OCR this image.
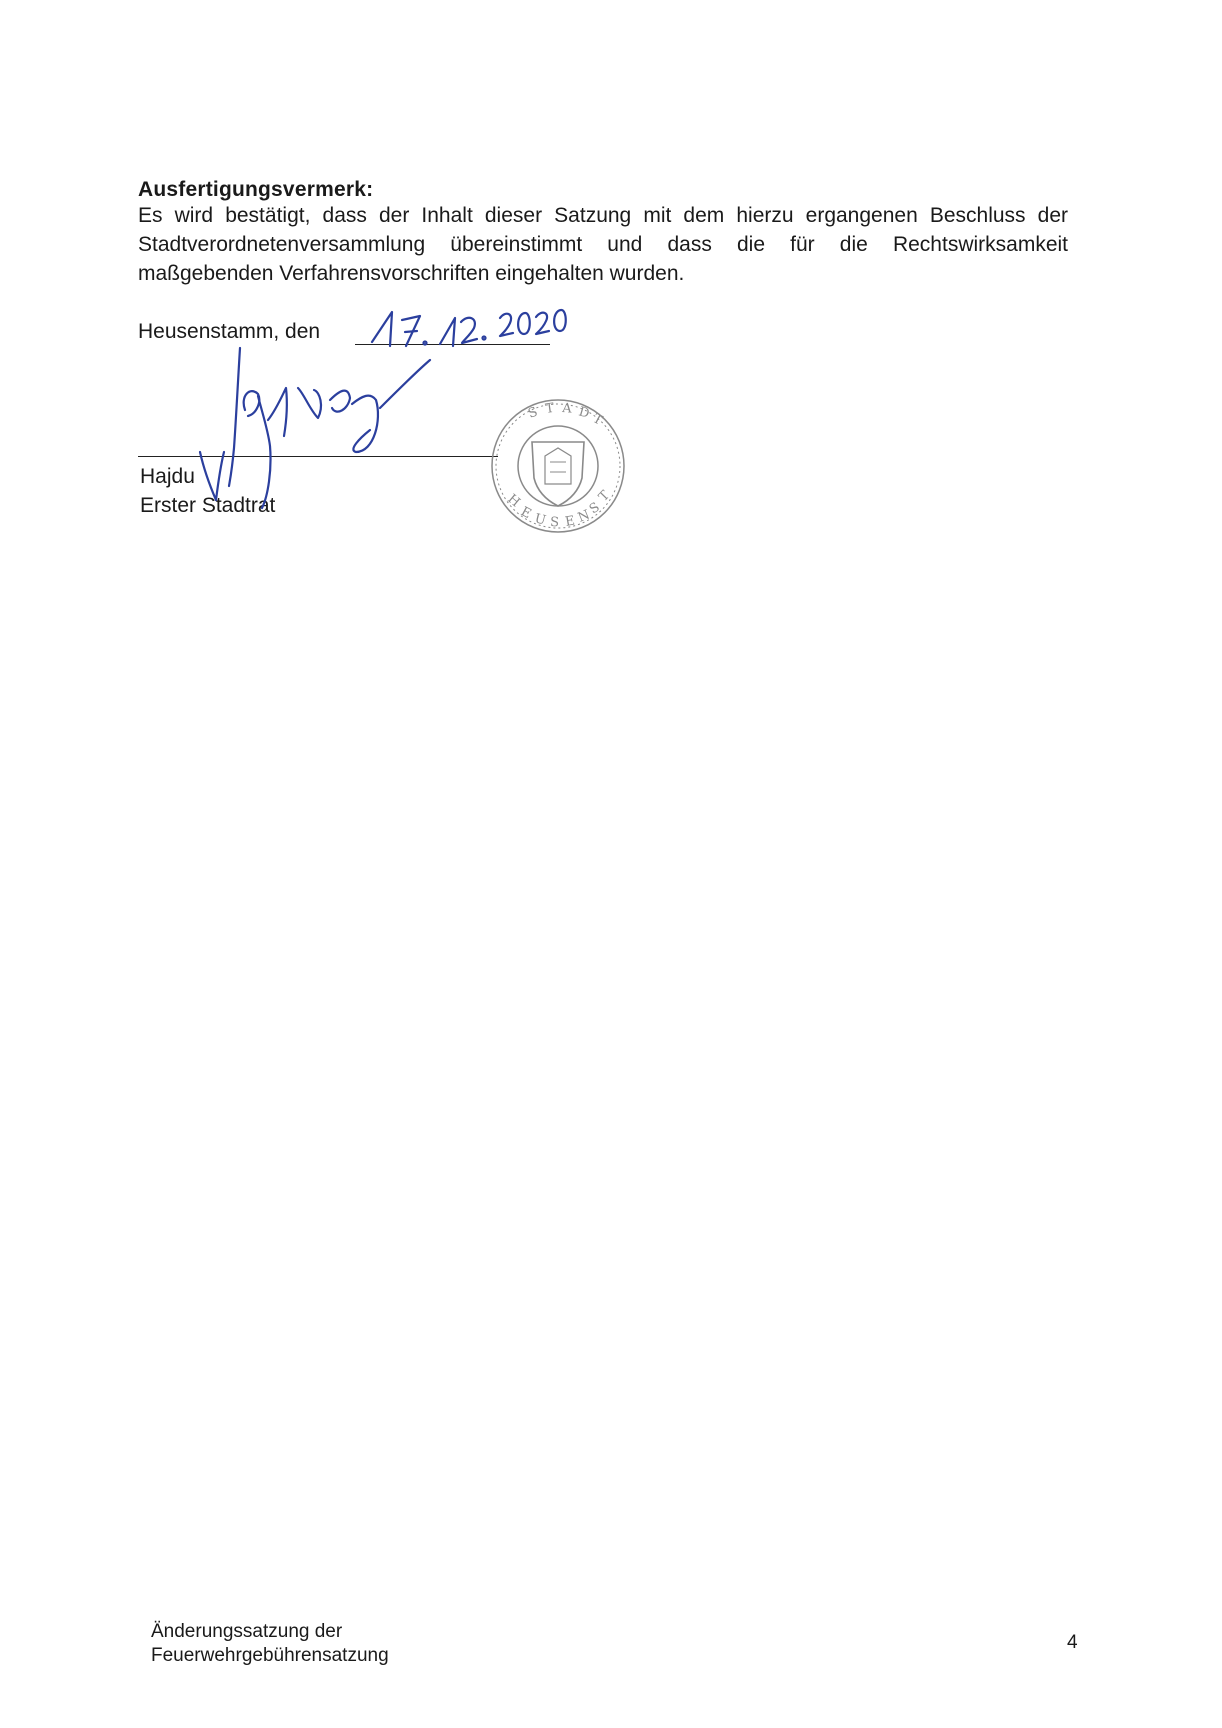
Ausfertigungsvermerk:
Es wird bestätigt, dass der Inhalt dieser Satzung mit dem hierzu ergangenen Beschluss der Stadtverordnetenversammlung übereinstimmt und dass die für die Rechtswirksamkeit maßgebenden Verfahrensvorschriften eingehalten wurden.
Heusenstamm, den
Hajdu
Erster Stadtrat
S T A D T
H
E U S E N
S
T
Änderungssatzung der
Feuerwehrgebührensatzung
4
